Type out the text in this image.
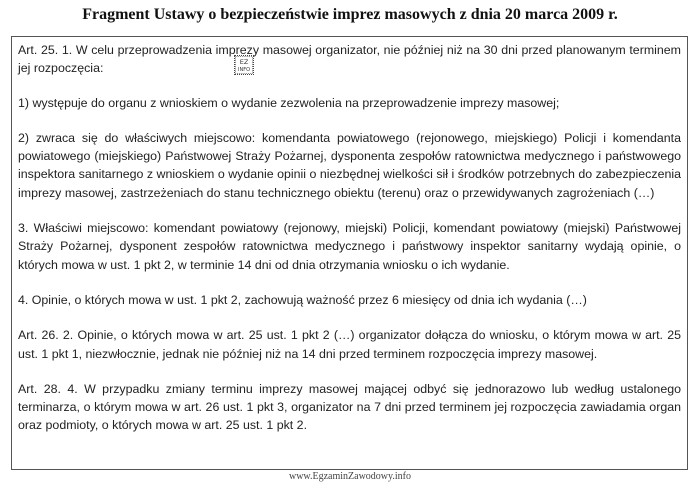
Fragment Ustawy o bezpieczeństwie imprez masowych z dnia 20 marca 2009 r.

Art. 25. 1. W celu przeprowadzenia imprezy masowej organizator, nie później niż na 30 dni przed planowanym terminem jej rozpoczęcia:

1) występuje do organu z wnioskiem o wydanie zezwolenia na przeprowadzenie imprezy masowej;

2) zwraca się do właściwych miejscowo: komendanta powiatowego (rejonowego, miejskiego) Policji i komendanta powiatowego (miejskiego) Państwowej Straży Pożarnej, dysponenta zespołów ratownictwa medycznego i państwowego inspektora sanitarnego z wnioskiem o wydanie opinii o niezbędnej wielkości sił i środków potrzebnych do zabezpieczenia imprezy masowej, zastrzeżeniach do stanu technicznego obiektu (terenu) oraz o przewidywanych zagrożeniach (…)

3. Właściwi miejscowo: komendant powiatowy (rejonowy, miejski) Policji, komendant powiatowy (miejski) Państwowej Straży Pożarnej, dysponent zespołów ratownictwa medycznego i państwowy inspektor sanitarny wydają opinie, o których mowa w ust. 1 pkt 2, w terminie 14 dni od dnia otrzymania wniosku o ich wydanie.

4. Opinie, o których mowa w ust. 1 pkt 2, zachowują ważność przez 6 miesięcy od dnia ich wydania (…)

Art. 26. 2. Opinie, o których mowa w art. 25 ust. 1 pkt 2 (…) organizator dołącza do wniosku, o którym mowa w art. 25 ust. 1 pkt 1, niezwłocznie, jednak nie później niż na 14 dni przed terminem rozpoczęcia imprezy masowej.

Art. 28. 4. W przypadku zmiany terminu imprezy masowej mającej odbyć się jednorazowo lub według ustalonego terminarza, o którym mowa w art. 26 ust. 1 pkt 3, organizator na 7 dni przed terminem jej rozpoczęcia zawiadamia organ oraz podmioty, o których mowa w art. 25 ust. 1 pkt 2.

EZ
INFO
www.EgzaminZawodowy.info
